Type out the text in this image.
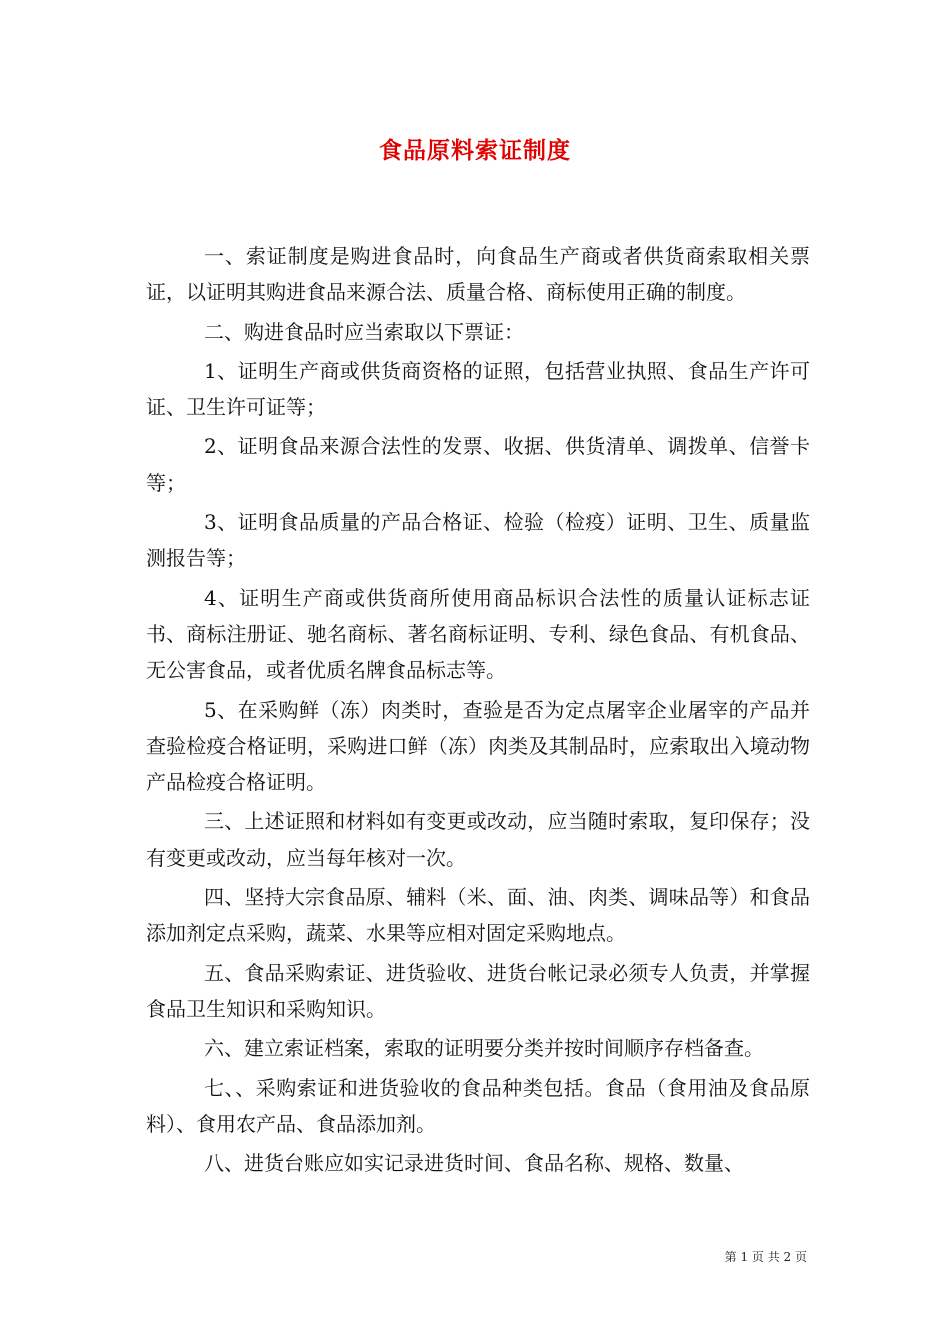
食品原料索证制度

一、索证制度是购进食品时，向食品生产商或者供货商索取相关票证，以证明其购进食品来源合法、质量合格、商标使用正确的制度。

二、购进食品时应当索取以下票证：

1、证明生产商或供货商资格的证照，包括营业执照、食品生产许可证、卫生许可证等；

2、证明食品来源合法性的发票、收据、供货清单、调拨单、信誉卡等；

3、证明食品质量的产品合格证、检验（检疫）证明、卫生、质量监测报告等；

4、证明生产商或供货商所使用商品标识合法性的质量认证标志证书、商标注册证、驰名商标、著名商标证明、专利、绿色食品、有机食品、无公害食品，或者优质名牌食品标志等。

5、在采购鲜（冻）肉类时，查验是否为定点屠宰企业屠宰的产品并查验检疫合格证明，采购进口鲜（冻）肉类及其制品时，应索取出入境动物产品检疫合格证明。

三、上述证照和材料如有变更或改动，应当随时索取，复印保存；没有变更或改动，应当每年核对一次。

四、坚持大宗食品原、辅料（米、面、油、肉类、调味品等）和食品添加剂定点采购，蔬菜、水果等应相对固定采购地点。

五、食品采购索证、进货验收、进货台帐记录必须专人负责，并掌握食品卫生知识和采购知识。

六、建立索证档案，索取的证明要分类并按时间顺序存档备查。

七、、采购索证和进货验收的食品种类包括。食品（食用油及食品原料）、食用农产品、食品添加剂。

八、进货台账应如实记录进货时间、食品名称、规格、数量、

第 1 页 共 2 页
